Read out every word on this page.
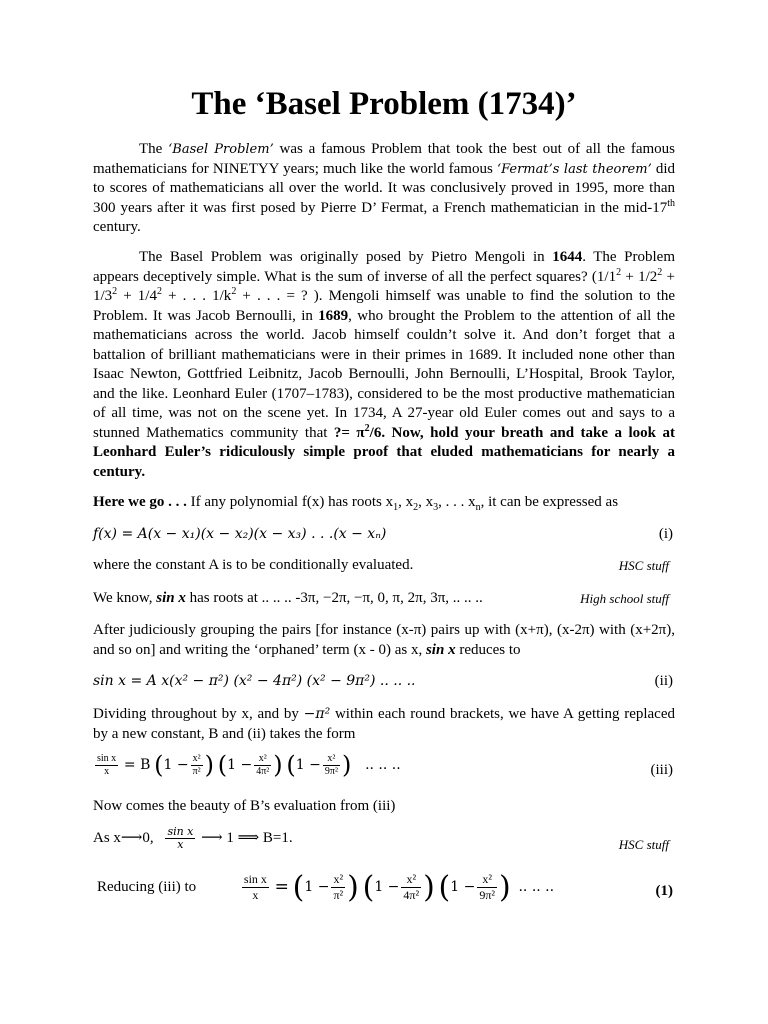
The ‘Basel Problem (1734)’

The ‘Basel Problem’ was a famous Problem that took the best out of all the famous mathematicians for NINETYY years; much like the world famous ‘Fermat’s last theorem’ did to scores of mathematicians all over the world. It was conclusively proved in 1995, more than 300 years after it was first posed by Pierre D’ Fermat, a French mathematician in the mid-17th century.

The Basel Problem was originally posed by Pietro Mengoli in 1644. The Problem appears deceptively simple. What is the sum of inverse of all the perfect squares? ($1/1^2 + 1/2^2 + 1/3^2 + 1/4^2$ + . . . $1/k^2$ + . . . = ? ). Mengoli himself was unable to find the solution to the Problem. It was Jacob Bernoulli, in 1689, who brought the Problem to the attention of all the mathematicians across the world. Jacob himself couldn’t solve it. And don’t forget that a battalion of brilliant mathematicians were in their primes in 1689. It included none other than Isaac Newton, Gottfried Leibnitz, Jacob Bernoulli, John Bernoulli, L’Hospital, Brook Taylor, and the like. Leonhard Euler (1707–1783), considered to be the most productive mathematician of all time, was not on the scene yet. In 1734, A 27-year old Euler comes out and says to a stunned Mathematics community that ?= $\pi^2/6$. Now, hold your breath and take a look at Leonhard Euler’s ridiculously simple proof that eluded mathematicians for nearly a century.

Here we go . . . If any polynomial f(x) has roots $x_1$, $x_2$, $x_3$, . . . $x_n$, it can be expressed as

f(x) = A(x − x₁)(x − x₂)(x − x₃) . . .(x − xₙ)	(i)
where the constant A is to be conditionally evaluated.	HSC stuff
We know, sin x has roots at .. .. .. -3π, −2π, −π, 0, π, 2π, 3π, .. .. ..	High school stuff

After judiciously grouping the pairs [for instance (x-π) pairs up with (x+π), (x-2π) with (x+2π), and so on] and writing the ‘orphaned’ term (x - 0) as x, sin x reduces to

sin x = A x(x² − π²) (x² − 4π²) (x² − 9π²) .. .. ..	(ii)

Dividing throughout by x, and by −π² within each round brackets, we have A getting replaced by a new constant, B and (ii) takes the form

$\frac{\text{sin x}}{x} = B$ ($1 - \frac{\text{x²}}{\text{π²}}$ ) ($1 - \frac{\text{x²}}{\text{4π²}}$ ) ($1 - \frac{\text{x²}}{\text{9π²}}$ ) .. .. ..	(iii)
Now comes the beauty of B’s evaluation from (iii)
As x⟶0, $\frac{\text{sin x}}{x}$ ⟶ 1 ⟹ B=1.	HSC stuff
Reducing (iii) to	$\frac{\text{sin x}}{x} = (1 - \frac{\text{x²}}{\text{π²}}$ ) ($1 - \frac{\text{x²}}{\text{4π²}}$ ) ($1 - \frac{\text{x²}}{\text{9π²}}$ ) .. .. ..	(1)
